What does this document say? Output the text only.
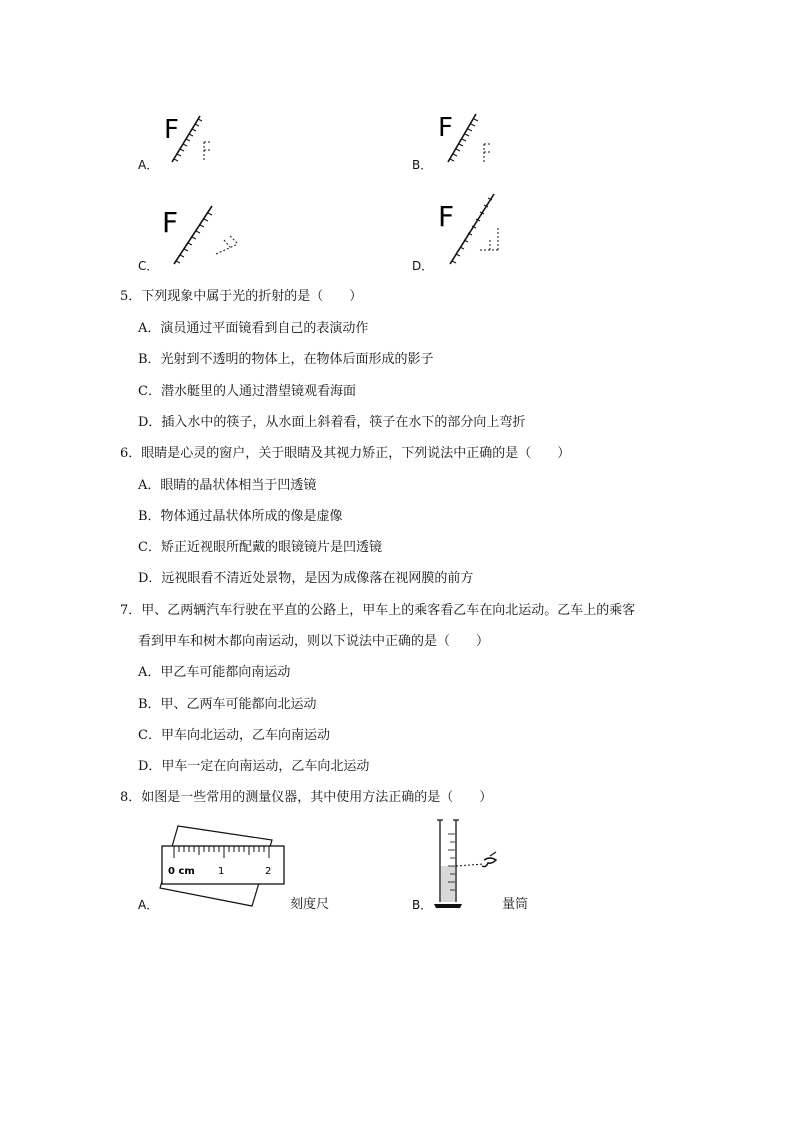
A．
F
B．
F
C．
F
D．
F
5．下列现象中属于光的折射的是（　　）
A．演员通过平面镜看到自己的表演动作
B．光射到不透明的物体上，在物体后面形成的影子
C．潜水艇里的人通过潜望镜观看海面
D．插入水中的筷子，从水面上斜着看，筷子在水下的部分向上弯折
6．眼睛是心灵的窗户，关于眼睛及其视力矫正，下列说法中正确的是（　　）
A．眼睛的晶状体相当于凹透镜
B．物体通过晶状体所成的像是虚像
C．矫正近视眼所配戴的眼镜镜片是凹透镜
D．远视眼看不清近处景物，是因为成像落在视网膜的前方
7．甲、乙两辆汽车行驶在平直的公路上，甲车上的乘客看乙车在向北运动。乙车上的乘客
看到甲车和树木都向南运动，则以下说法中正确的是（　　）
A．甲乙车可能都向南运动
B．甲、乙两车可能都向北运动
C．甲车向北运动，乙车向南运动
D．甲车一定在向南运动，乙车向北运动
8．如图是一些常用的测量仪器，其中使用方法正确的是（　　）
A．
0 cm 1	2
刻度尺	B．	量筒
